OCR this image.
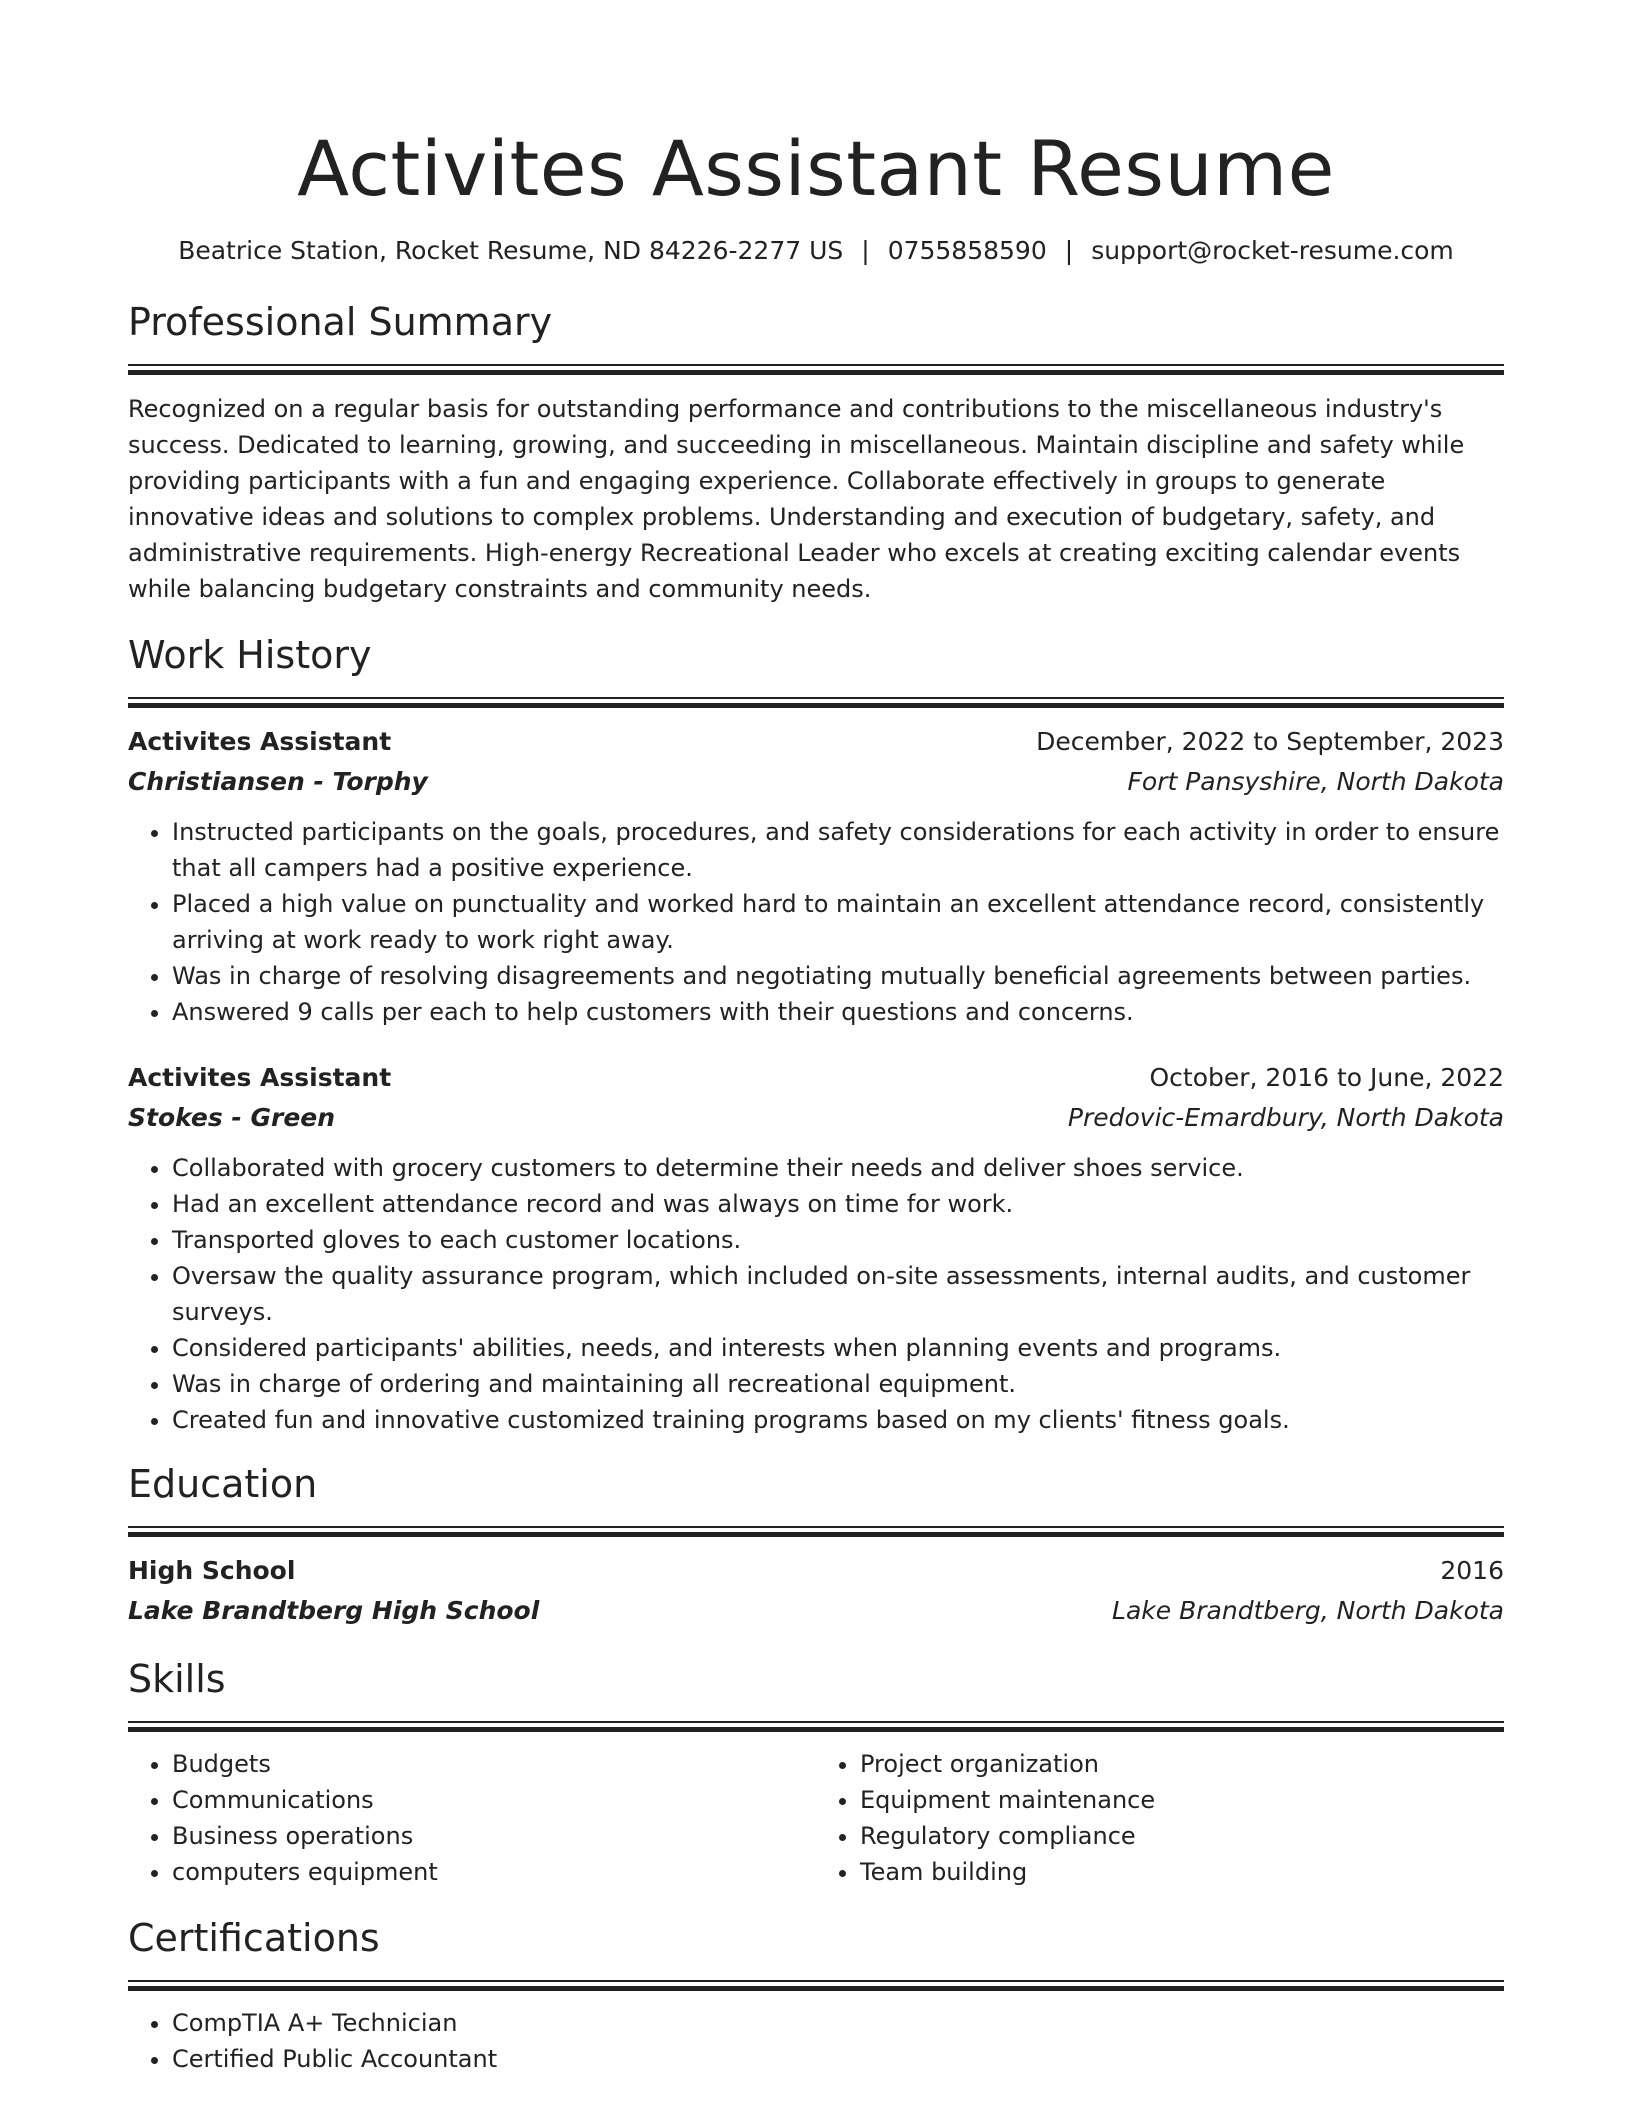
Activites Assistant Resume
Beatrice Station, Rocket Resume, ND 84226-2277 US | 0755858590 | support@rocket-resume.com
Professional Summary
Recognized on a regular basis for outstanding performance and contributions to the miscellaneous industry's success. Dedicated to learning, growing, and succeeding in miscellaneous. Maintain discipline and safety while providing participants with a fun and engaging experience. Collaborate effectively in groups to generate innovative ideas and solutions to complex problems. Understanding and execution of budgetary, safety, and administrative requirements. High-energy Recreational Leader who excels at creating exciting calendar events while balancing budgetary constraints and community needs.
Work History
Activites Assistant	December, 2022 to September, 2023
Christiansen - Torphy	Fort Pansyshire, North Dakota
• Instructed participants on the goals, procedures, and safety considerations for each activity in order to ensure that all campers had a positive experience.
• Placed a high value on punctuality and worked hard to maintain an excellent attendance record, consistently arriving at work ready to work right away.
• Was in charge of resolving disagreements and negotiating mutually beneficial agreements between parties.
• Answered 9 calls per each to help customers with their questions and concerns.
Activites Assistant	October, 2016 to June, 2022
Stokes - Green	Predovic-Emardbury, North Dakota
• Collaborated with grocery customers to determine their needs and deliver shoes service.
• Had an excellent attendance record and was always on time for work.
• Transported gloves to each customer locations.
• Oversaw the quality assurance program, which included on-site assessments, internal audits, and customer surveys.
• Considered participants' abilities, needs, and interests when planning events and programs.
• Was in charge of ordering and maintaining all recreational equipment.
• Created fun and innovative customized training programs based on my clients' fitness goals.
Education
High School	2016
Lake Brandtberg High School	Lake Brandtberg, North Dakota
Skills
• Budgets
• Communications
• Business operations
• computers equipment
• Project organization
• Equipment maintenance
• Regulatory compliance
• Team building
Certifications
• CompTIA A+ Technician
• Certified Public Accountant
